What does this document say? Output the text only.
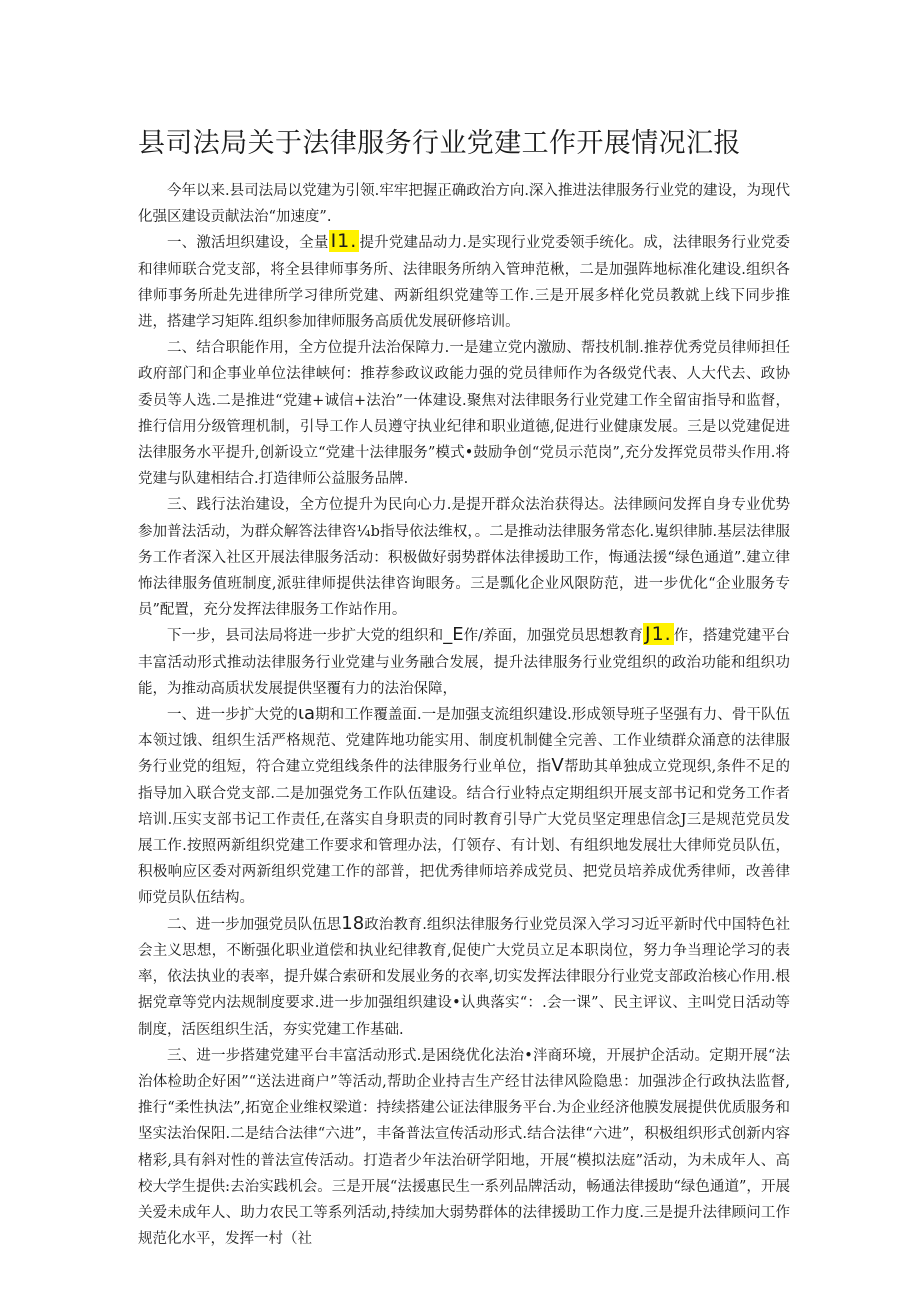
县司法局关于法律服务行业党建工作开展情况汇报

今年以来.县司法局以党建为引领.牢牢把握正确政治方向.深入推进法律服务行业党的建设，为现代化强区建设贡献法治“加速度”.

一、激活坦织建设，全量 I1. 提升党建品动力.是实现行业党委领手统化。成，法律眼务行业党委和律师联合党支部，将全县律师事务所、法律眼务所纳入管珅范楸，二是加强阵地标准化建设.组织各律师事务所赴先进律所学习律所党建、两新组织党建等工作.三是开展多样化党员教就上线下同步推进，搭建学习矩阵.组织参加律师服务高质优发展研修培训。

二、结合职能作用，全方位提升法治保障力.一是建立党内激励、帮技机制.推荐优秀党员律师担任政府部门和企事业单位法律峡何：推荐参政议政能力强的党员律师作为各级党代表、人大代去、政协委员等人选.二是推进“党建+诚信+法治”一体建设.聚焦对法律眼务行业党建工作全留宙指导和监督，推行信用分级管理机制，引导工作人员遵守执业纪律和职业道德,促进行业健康发展。三是以党建促进法律服务水平提升,创新设立“党建十法律服务”模式•鼓励争创“党员示范岗”,充分发挥党员带头作用.将党建与队建相结合.打造律师公益服务品牌.

三、践行法治建设，全方位提升为民向心力.是提开群众法治获得达。法律顾问发挥自身专业优势参加普法活动，为群众解答法律咨¼b指导依法维权，。二是推动法律服务常态化.嵬织律肺.基层法律服务工作者深入社区开展法律服务活动：积极做好弱势群体法律援助工作，悔通法援“绿色通道”.建立律怖法律服务值班制度,派驻律师提供法律咨询眼务。三是瓢化企业风限防范，进一步优化“企业服务专员”配置，充分发挥法律服务工作站作用。

下一步，县司法局将进一步扩大党的组织和_E作/养面，加强党员思想教育 J1. 作，搭建党建平台丰富活动形式推动法律服务行业党建与业务融合发展，提升法律服务行业党组织的政治功能和组织功能，为推动高质状发展提供坚覆有力的法治保障，

一、进一步扩大党的ιa期和工作覆盖面.一是加强支流组织建设.形成领导班子坚强有力、骨干队伍本领过饿、组织生活严格规范、党建阵地功能实用、制度机制健全完善、工作业绩群众涌意的法律服务行业党的组短，符合建立党组线条件的法律服务行业单位，指V帮助其单独成立党现织,条件不足的指导加入联合党支部.二是加强党务工作队伍建设。结合行业特点定期组织开展支部书记和党务工作者培训.压实支部书记工作责任,在落实自身职责的同时教育引导广大党员坚定理患信念J三是规范党员发展工作.按照两新组织党建工作要求和管理办法，仃领存、有计划、有组织地发展壮大律师党员队伍，积极响应区委对两新组织党建工作的部普，把优秀律师培养成党员、把党员培养成优秀律师，改善律师党员队伍结构。

二、进一步加强党员队伍思18政治教育.组织法律服务行业党员深入学习习近平新时代中国特色社会主义思想，不断强化职业道偿和执业纪律教育,促使广大党员立足本职岗位，努力争当理论学习的表率，依法执业的表率，提升媒合索研和发展业务的衣率,切实发挥法律眼分行业党支部政治核心作用.根据党章等党内法规制度要求.进一步加强组织建设•认典落实“：.会一课”、民主评议、主叫党日活动等制度，活医组织生活，夯实党建工作基础.

三、进一步搭建党建平台丰富活动形式.是困绕优化法治•泮商环境，开展护企活动。定期开展“法治体检助企好困”“送法进商户”等活动,帮助企业持吉生产经甘法律风险隐患：加强涉企行政执法监督,推行“柔性执法”,拓宽企业维权梁道：持续搭建公证法律服务平台.为企业经济他膜发展提供优质服务和坚实法治保阳.二是结合法律“六进”，丰备普法宣传活动形式.结合法律“六进”，积极组织形式创新内容楮彩,具有斜对性的普法宣传活动。打造者少年法治研学阳地，开展“模拟法庭”活动，为未成年人、高校大学生提供:去治实践机会。三是开展“法援惠民生一系列品牌活动，畅通法律援助“绿色通道”，开展关爱未成年人、助力农民工等系列活动,持续加大弱势群体的法律援助工作力度.三是提升法律顾问工作规范化水平，发挥一村（社
